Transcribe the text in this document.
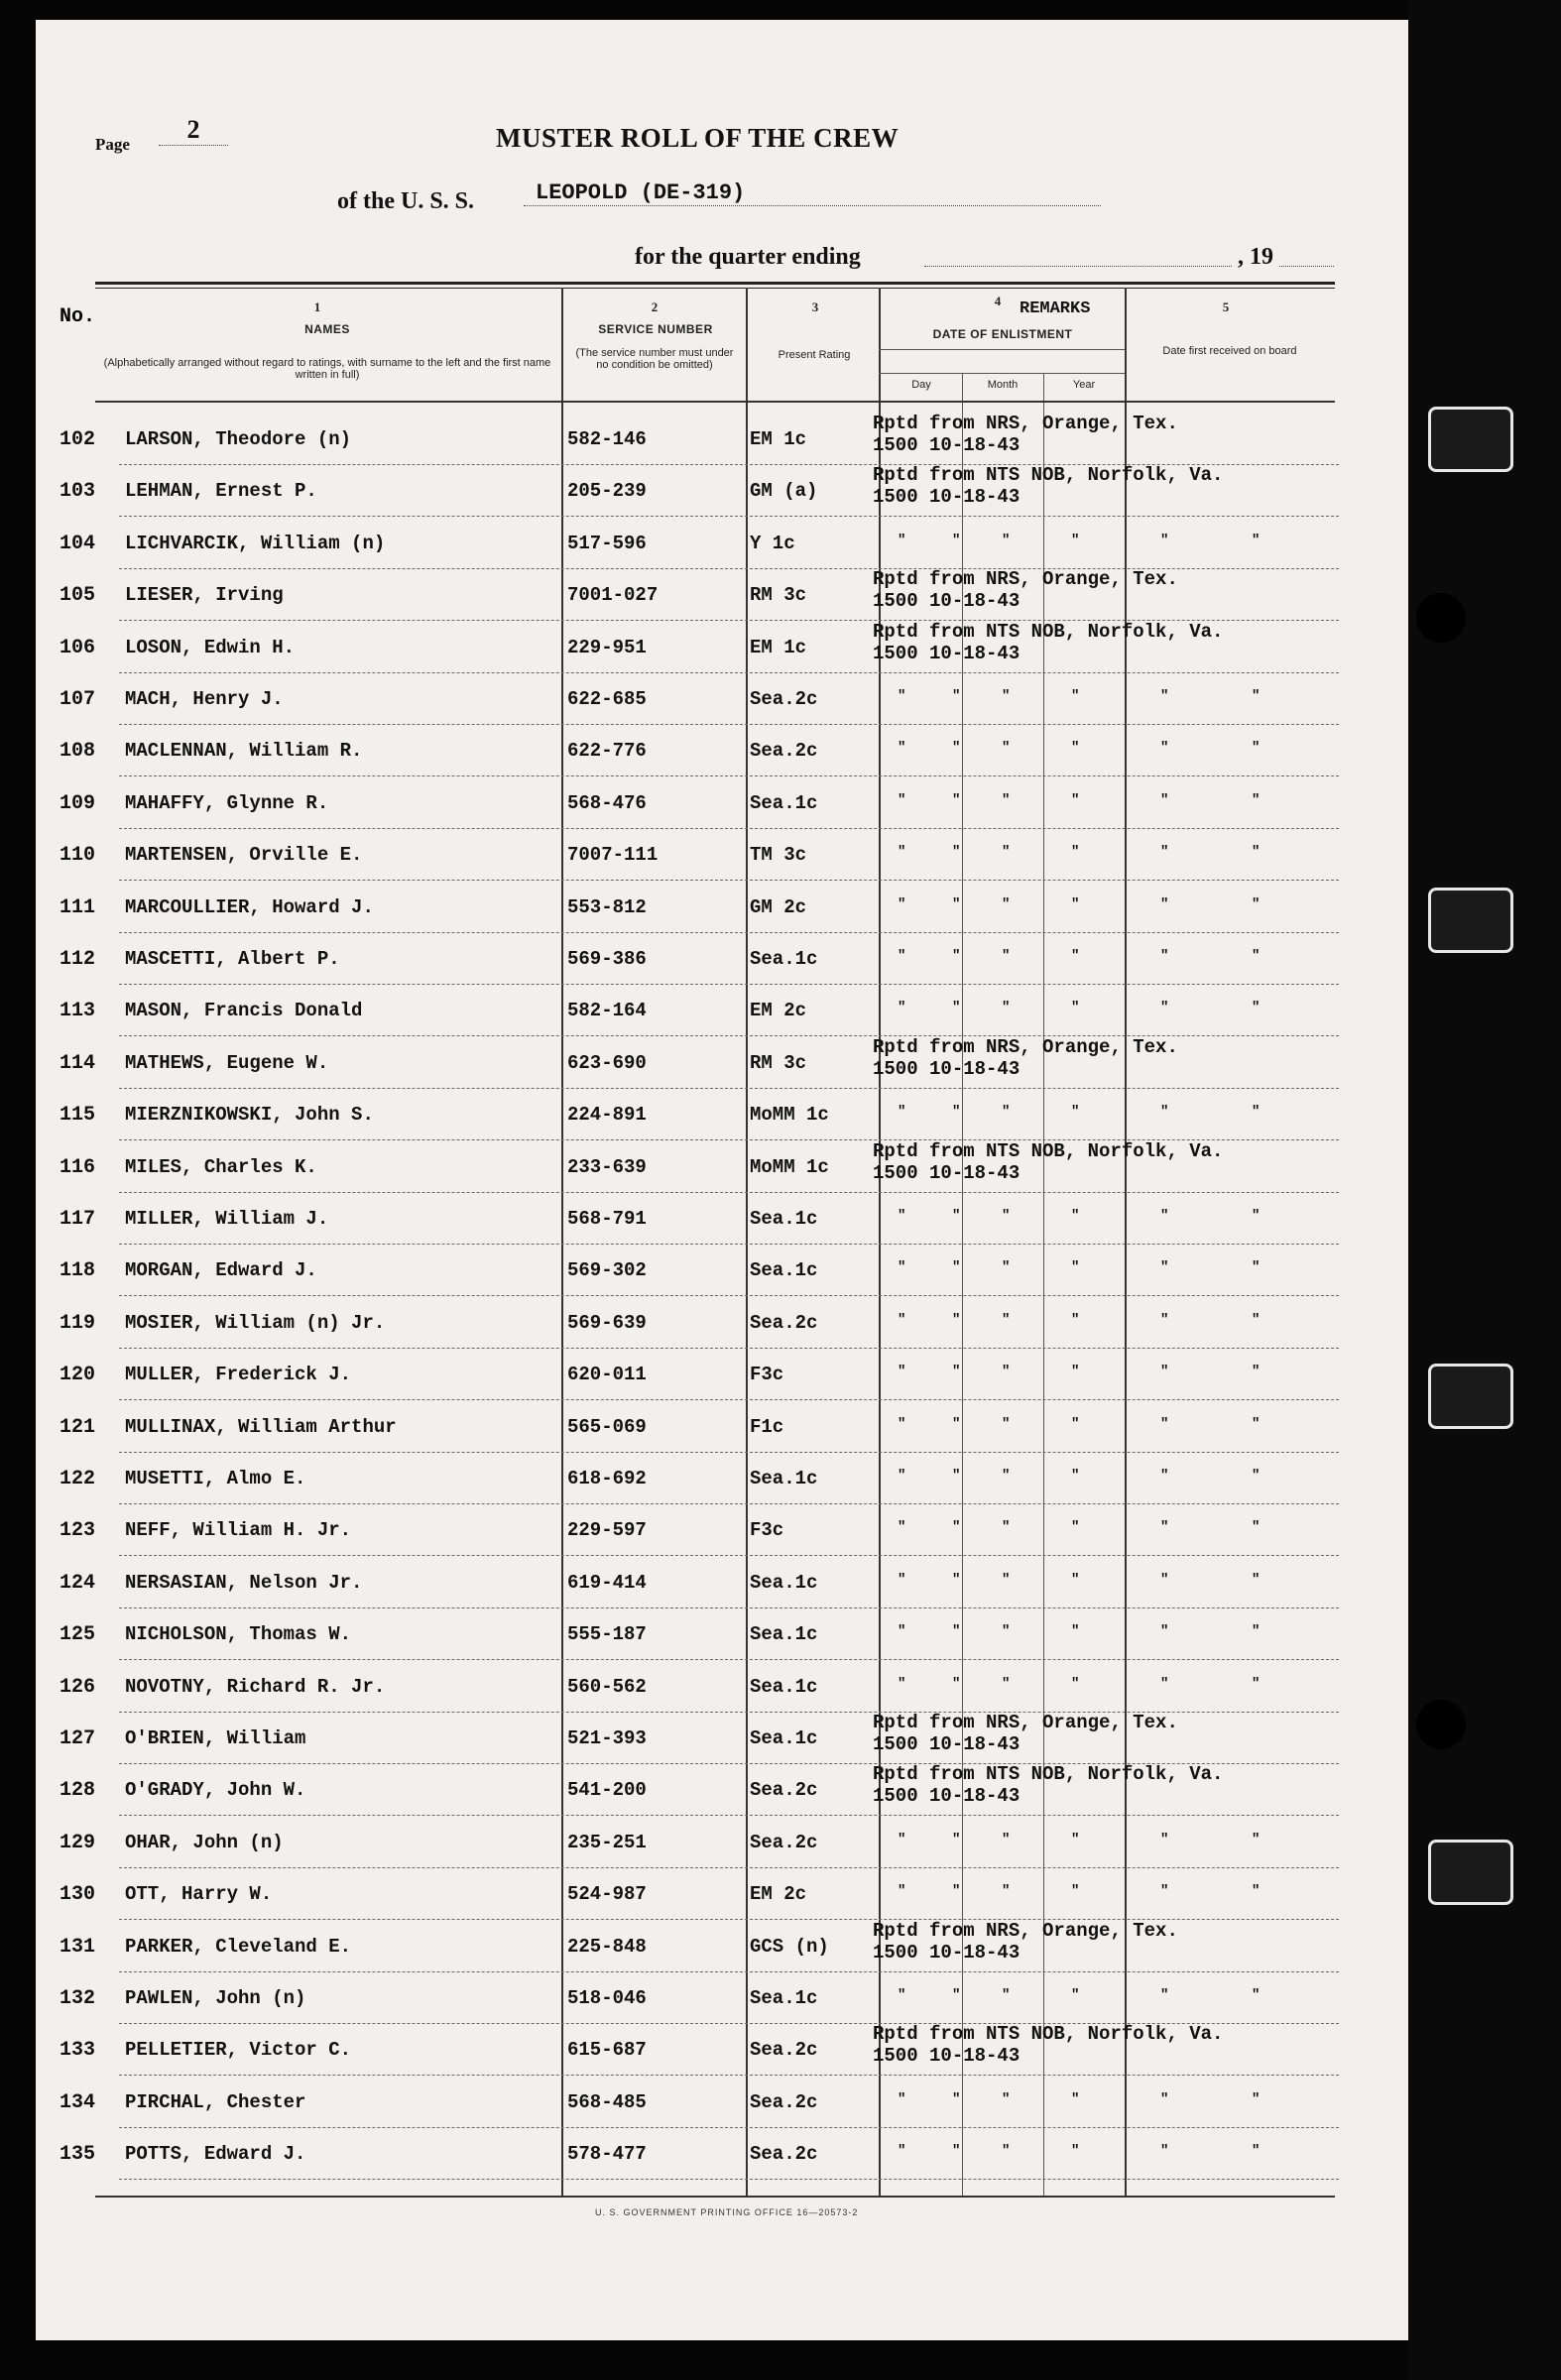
Page
2	MUSTER ROLL OF THE CREW
of the U. S. S.	LEOPOLD (DE-319)
for the quarter ending	, 19
No.	1
NAMES
(Alphabetically arranged without regard to ratings, with surname to the left and the first name written in full)
2
SERVICE NUMBER
(The service number must under no condition be omitted)
3
Present Rating
4	REMARKS
DATE OF ENLISTMENT
Day	Month	Year
5
Date first received on board
102	LARSON, Theodore (n)	582-146	EM 1c
Rptd from NRS, Orange, Tex.
1500 10-18-43
103	LEHMAN, Ernest P.	205-239	GM (a)
Rptd from NTS NOB, Norfolk, Va.
1500 10-18-43
104	LICHVARCIK, William (n)	517-596	Y 1c	"	"	"	"	"	"
105	LIESER, Irving	7001-027	RM 3c
Rptd from NRS, Orange, Tex.
1500 10-18-43
106	LOSON, Edwin H.	229-951	EM 1c
Rptd from NTS NOB, Norfolk, Va.
1500 10-18-43
107	MACH, Henry J.	622-685	Sea.2c	"	"	"	"	"	"
108	MACLENNAN, William R.	622-776	Sea.2c	"	"	"	"	"	"
109	MAHAFFY, Glynne R.	568-476	Sea.1c	"	"	"	"	"	"
110	MARTENSEN, Orville E.	7007-111	TM 3c	"	"	"	"	"	"
111	MARCOULLIER, Howard J.	553-812	GM 2c	"	"	"	"	"	"
112	MASCETTI, Albert P.	569-386	Sea.1c	"	"	"	"	"	"
113	MASON, Francis Donald	582-164	EM 2c	"	"	"	"	"	"
114	MATHEWS, Eugene W.	623-690	RM 3c
Rptd from NRS, Orange, Tex.
1500 10-18-43
115	MIERZNIKOWSKI, John S.	224-891	MoMM 1c	"	"	"	"	"	"
116	MILES, Charles K.	233-639	MoMM 1c
Rptd from NTS NOB, Norfolk, Va.
1500 10-18-43
117	MILLER, William J.	568-791	Sea.1c	"	"	"	"	"	"
118	MORGAN, Edward J.	569-302	Sea.1c	"	"	"	"	"	"
119	MOSIER, William (n) Jr.	569-639	Sea.2c	"	"	"	"	"	"
120	MULLER, Frederick J.	620-011	F3c	"	"	"	"	"	"
121	MULLINAX, William Arthur	565-069	F1c	"	"	"	"	"	"
122	MUSETTI, Almo E.	618-692	Sea.1c	"	"	"	"	"	"
123	NEFF, William H. Jr.	229-597	F3c	"	"	"	"	"	"
124	NERSASIAN, Nelson Jr.	619-414	Sea.1c	"	"	"	"	"	"
125	NICHOLSON, Thomas W.	555-187	Sea.1c	"	"	"	"	"	"
126	NOVOTNY, Richard R. Jr.	560-562	Sea.1c	"	"	"	"	"	"
127	O'BRIEN, William	521-393	Sea.1c
Rptd from NRS, Orange, Tex.
1500 10-18-43
128	O'GRADY, John W.	541-200	Sea.2c
Rptd from NTS NOB, Norfolk, Va.
1500 10-18-43
129	OHAR, John (n)	235-251	Sea.2c	"	"	"	"	"	"
130	OTT, Harry W.	524-987	EM 2c	"	"	"	"	"	"
131	PARKER, Cleveland E.	225-848	GCS (n)
Rptd from NRS, Orange, Tex.
1500 10-18-43
132	PAWLEN, John (n)	518-046	Sea.1c	"	"	"	"	"	"
133	PELLETIER, Victor C.	615-687	Sea.2c
Rptd from NTS NOB, Norfolk, Va.
1500 10-18-43
134	PIRCHAL, Chester	568-485	Sea.2c	"	"	"	"	"	"
135	POTTS, Edward J.	578-477	Sea.2c	"	"	"	"	"	"
U. S. GOVERNMENT PRINTING OFFICE 16—20573-2
